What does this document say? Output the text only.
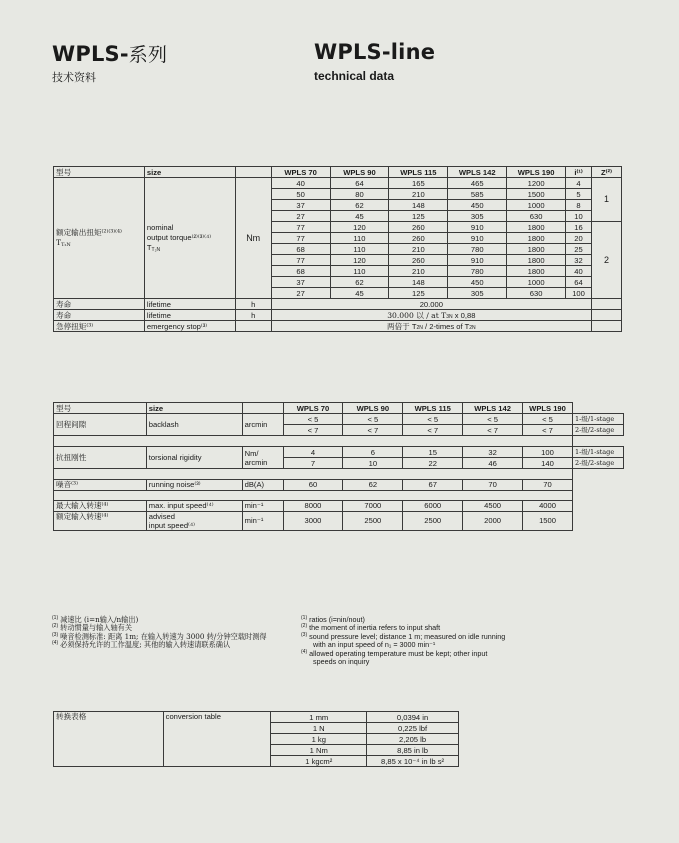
WPLS-系列
技术资料
WPLS-line
technical data
型号	size		WPLS 70	WPLS 90	WPLS 115	WPLS 142	WPLS 190	i⁽¹⁾	Z⁽²⁾
额定输出扭矩⁽²⁾⁽³⁾⁽⁴⁾
TT₂N	nominal
output torque⁽²⁾⁽³⁾⁽⁴⁾
TT₂N	Nm	40	64	165	465	1200	4	1
			50	80	210	585	1500	5	
			37	62	148	450	1000	8	
			27	45	125	305	630	10	
			77	120	260	910	1800	16	2
			77	110	260	910	1800	20	
			68	110	210	780	1800	25	
			77	120	260	910	1800	32	
			68	110	210	780	1800	40	
			37	62	148	450	1000	64	
			27	45	125	305	630	100	
寿命	lifetime	h	20.000						
寿命	lifetime	h	30.000 以 / at T3N x 0,88						
急停扭矩⁽³⁾	emergency stop⁽³⁾		两倍于 T2N / 2-times of T2N						
型号	size		WPLS 70	WPLS 90	WPLS 115	WPLS 142	WPLS 190	
回程间隙	backlash	arcmin	< 5	< 5	< 5	< 5	< 5	1-级/1-stage
			< 7	< 7	< 7	< 7	< 7	2-级/2-stage

抗扭刚性	torsional rigidity	Nm/
arcmin	4	6	15	32	100	1-级/1-stage
			7	10	22	46	140	2-级/2-stage

噪音⁽³⁾	running noise⁽³⁾	dB(A)	60	62	67	70	70	

最大输入转速⁽⁴⁾	max. input speed⁽⁴⁾	min⁻¹	8000	7000	6000	4500	4000	
额定输入转速⁽⁴⁾	advised
input speed⁽⁴⁾	min⁻¹	3000	2500	2500	2000	1500	
$^{(1)}$ 减速比 (i=n输入/n输出)
$^{(2)}$ 转动惯量与输入轴有关
$^{(3)}$ 噪音检测标准: 距离 1m; 在输入转速为 3000 转/分钟空载时测得
$^{(4)}$ 必须保持允许的工作温度; 其他的输入转速请联系确认
$^{(1)}$ ratios (i=nin/nout)
$^{(2)}$ the moment of inertia refers to input shaft
$^{(3)}$ sound pressure level; distance 1 m; measured on idle running
with an input speed of n₁ = 3000 min⁻¹
$^{(4)}$ allowed operating temperature must be kept; other input
speeds on inquiry
转换表格	conversion table	1 mm	0,0394 in
		1 N	0,225 lbf
		1 kg	2,205 lb
		1 Nm	8,85 in lb
		1 kgcm²	8,85 x 10⁻⁴ in lb s²
